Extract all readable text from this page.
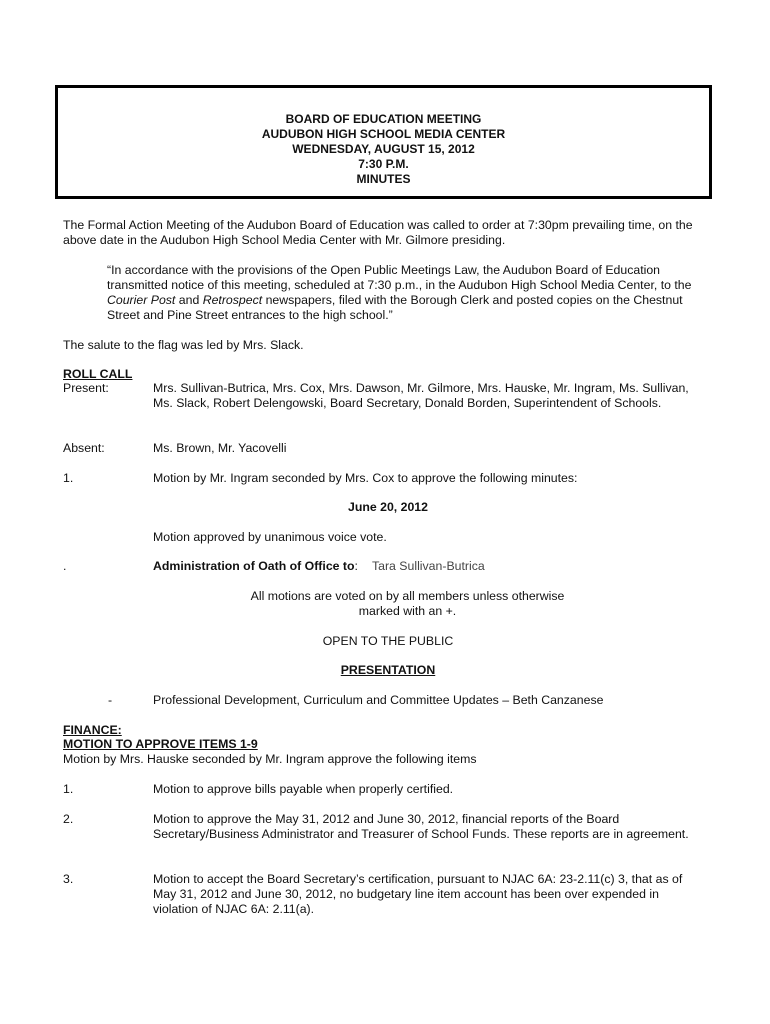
BOARD OF EDUCATION MEETING
AUDUBON HIGH SCHOOL MEDIA CENTER
WEDNESDAY, AUGUST 15, 2012
7:30 P.M.
MINUTES
The Formal Action Meeting of the Audubon Board of Education was called to order at 7:30pm prevailing time, on the above date in the Audubon High School Media Center with Mr. Gilmore presiding.
“In accordance with the provisions of the Open Public Meetings Law, the Audubon Board of Education transmitted notice of this meeting, scheduled at 7:30 p.m., in the Audubon High School Media Center, to the Courier Post and Retrospect newspapers, filed with the Borough Clerk and posted copies on the Chestnut Street and Pine Street entrances to the high school.”
The salute to the flag was led by Mrs. Slack.
ROLL CALL
Present:	Mrs. Sullivan-Butrica, Mrs. Cox, Mrs. Dawson, Mr. Gilmore, Mrs. Hauske, Mr. Ingram, Ms. Sullivan, Ms. Slack, Robert Delengowski, Board Secretary, Donald Borden, Superintendent of Schools.
Absent:	Ms. Brown, Mr. Yacovelli
1.	Motion by Mr. Ingram seconded by Mrs. Cox to approve the following minutes:
June 20, 2012
Motion approved by unanimous voice vote.
.	Administration of Oath of Office to: Tara Sullivan-Butrica
All motions are voted on by all members unless otherwise
marked with an +.
OPEN TO THE PUBLIC
PRESENTATION
-	Professional Development, Curriculum and Committee Updates – Beth Canzanese
FINANCE:
MOTION TO APPROVE ITEMS 1-9
Motion by Mrs. Hauske seconded by Mr. Ingram approve the following items
1.	Motion to approve bills payable when properly certified.
2.	Motion to approve the May 31, 2012 and June 30, 2012, financial reports of the Board Secretary/Business Administrator and Treasurer of School Funds. These reports are in agreement.
3.	Motion to accept the Board Secretary’s certification, pursuant to NJAC 6A: 23-2.11(c) 3, that as of May 31, 2012 and June 30, 2012, no budgetary line item account has been over expended in violation of NJAC 6A: 2.11(a).
